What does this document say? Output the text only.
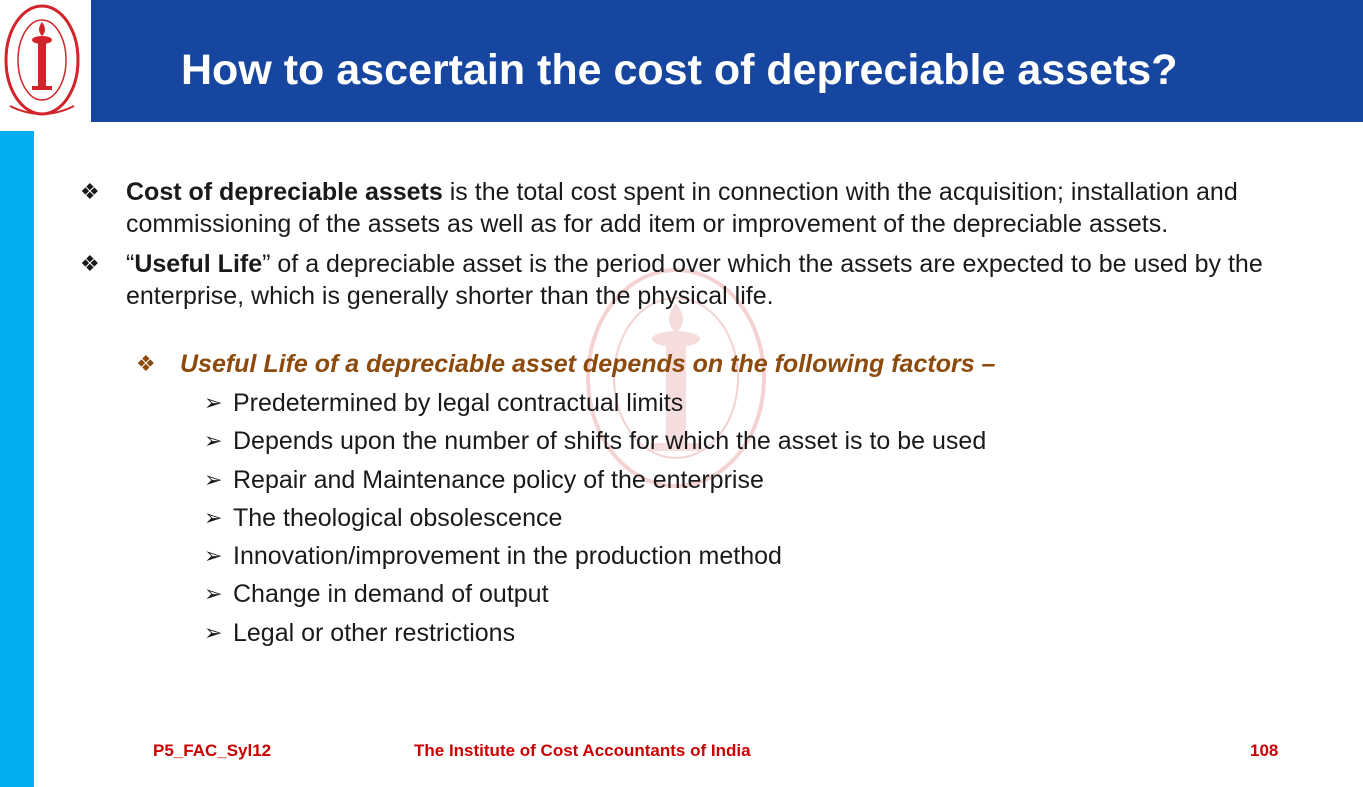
How to ascertain the cost of depreciable assets?
❖ Cost of depreciable assets is the total cost spent in connection with the acquisition; installation and commissioning of the assets as well as for add item or improvement of the depreciable assets.
❖ “Useful Life” of a depreciable asset is the period over which the assets are expected to be used by the enterprise, which is generally shorter than the physical life.
❖ Useful Life of a depreciable asset depends on the following factors –
➢ Predetermined by legal contractual limits
➢ Depends upon the number of shifts for which the asset is to be used
➢ Repair and Maintenance policy of the enterprise
➢ The theological obsolescence
➢ Innovation/improvement in the production method
➢ Change in demand of output
➢ Legal or other restrictions
P5_FAC_Syl12	The Institute of Cost Accountants of India	108
